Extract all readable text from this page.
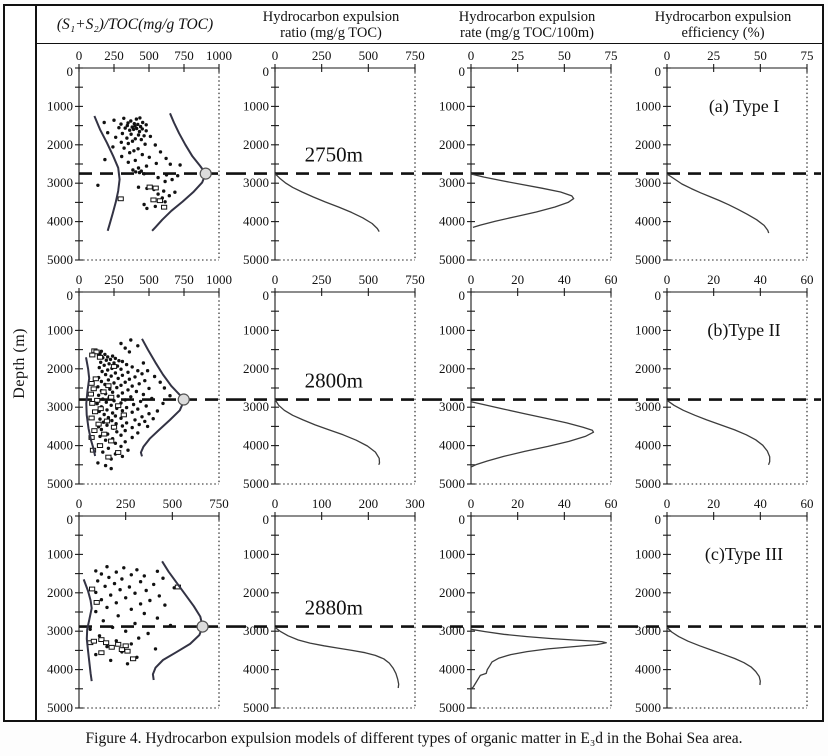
Depth (m)
(S₁+S₂)/TOC(mg/g TOC)	Hydrocarbon expulsion
ratio (mg/g TOC)
Hydrocarbon expulsion
rate (mg/g TOC/100m)
Hydrocarbon expulsion
efficiency (%)
0 250 500 750 1000
0
1000
2000
3000
4000
5000
0	250 500 750
0
1000
2000
3000
4000
5000
2750m
0	25	50	75
0
1000
2000
3000
4000
5000
0	25	50	75
0
1000
2000
3000
4000
5000
(a) Type I
0 250 500 750 1000
0
1000
2000
3000
4000
5000
0	250 500 750
0
1000
2000
3000
4000
5000
2800m
0	20	40	60
0
1000
2000
3000
4000
5000
0	20	40	60
0
1000
2000
3000
4000
5000
(b)Type II
0	250 500 750
0
1000
2000
3000
4000
5000
0	100 200 300
0
1000
2000
3000
4000
5000
2880m
0	20	40	60
0
1000
2000
3000
4000
5000
0	20	40	60
0
1000
2000
3000
4000
5000
(c)Type III
Figure 4. Hydrocarbon expulsion models of different types of organic matter in E₃d in the Bohai Sea area.
